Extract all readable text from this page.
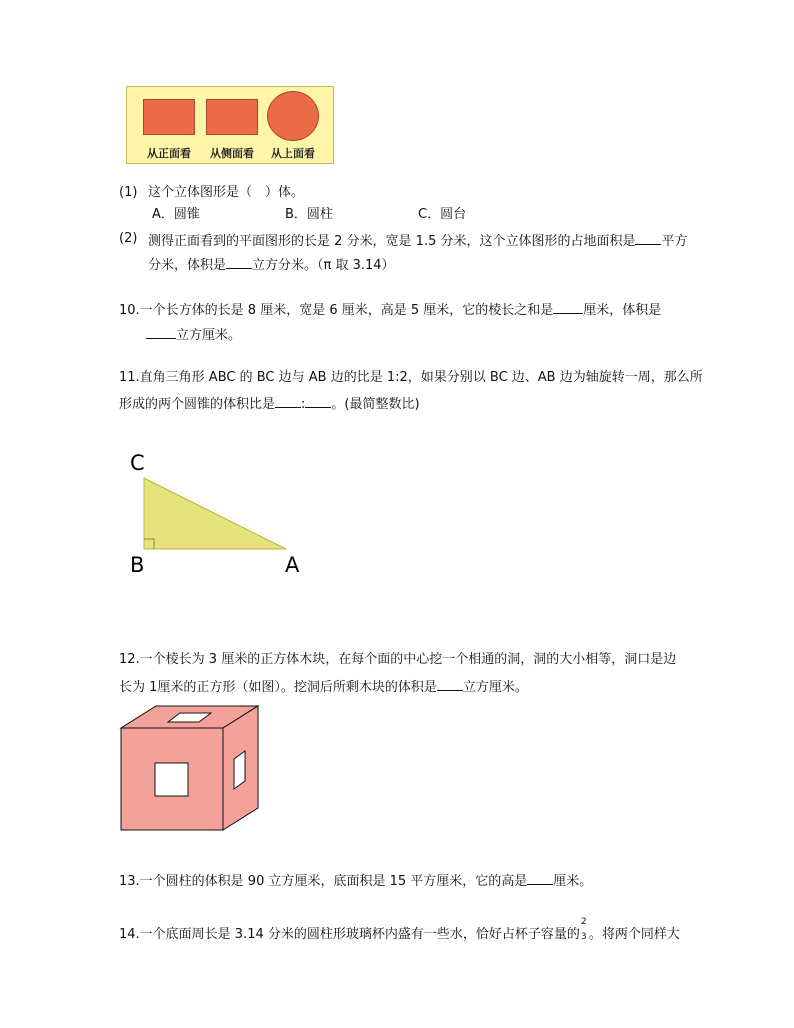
从正面看	从侧面看	从上面看
(1) 这个立体图形是（　）体。
A．圆锥	B．圆柱	C．圆台
(2) 测得正面看到的平面图形的长是 2 分米，宽是 1.5 分米，这个立体图形的占地面积是 平方
分米，体积是 立方分米。（π 取 3.14）
10.一个长方体的长是 8 厘米，宽是 6 厘米，高是 5 厘米，它的棱长之和是 厘米，体积是
立方厘米。
11.直角三角形 ABC 的 BC 边与 AB 边的比是 1:2，如果分别以 BC 边、AB 边为轴旋转一周，那么所
形成的两个圆锥的体积比是 : 。(最简整数比)
C
B	A
12.一个棱长为 3 厘米的正方体木块，在每个面的中心挖一个相通的洞，洞的大小相等，洞口是边
长为 1厘米的正方形（如图）。挖洞后所剩木块的体积是 立方厘米。
13.一个圆柱的体积是 90 立方厘米，底面积是 15 平方厘米，它的高是 厘米。
14.一个底面周长是 3.14 分米的圆柱形玻璃杯内盛有一些水，恰好占杯子容量的
2
3 。将两个同样大
